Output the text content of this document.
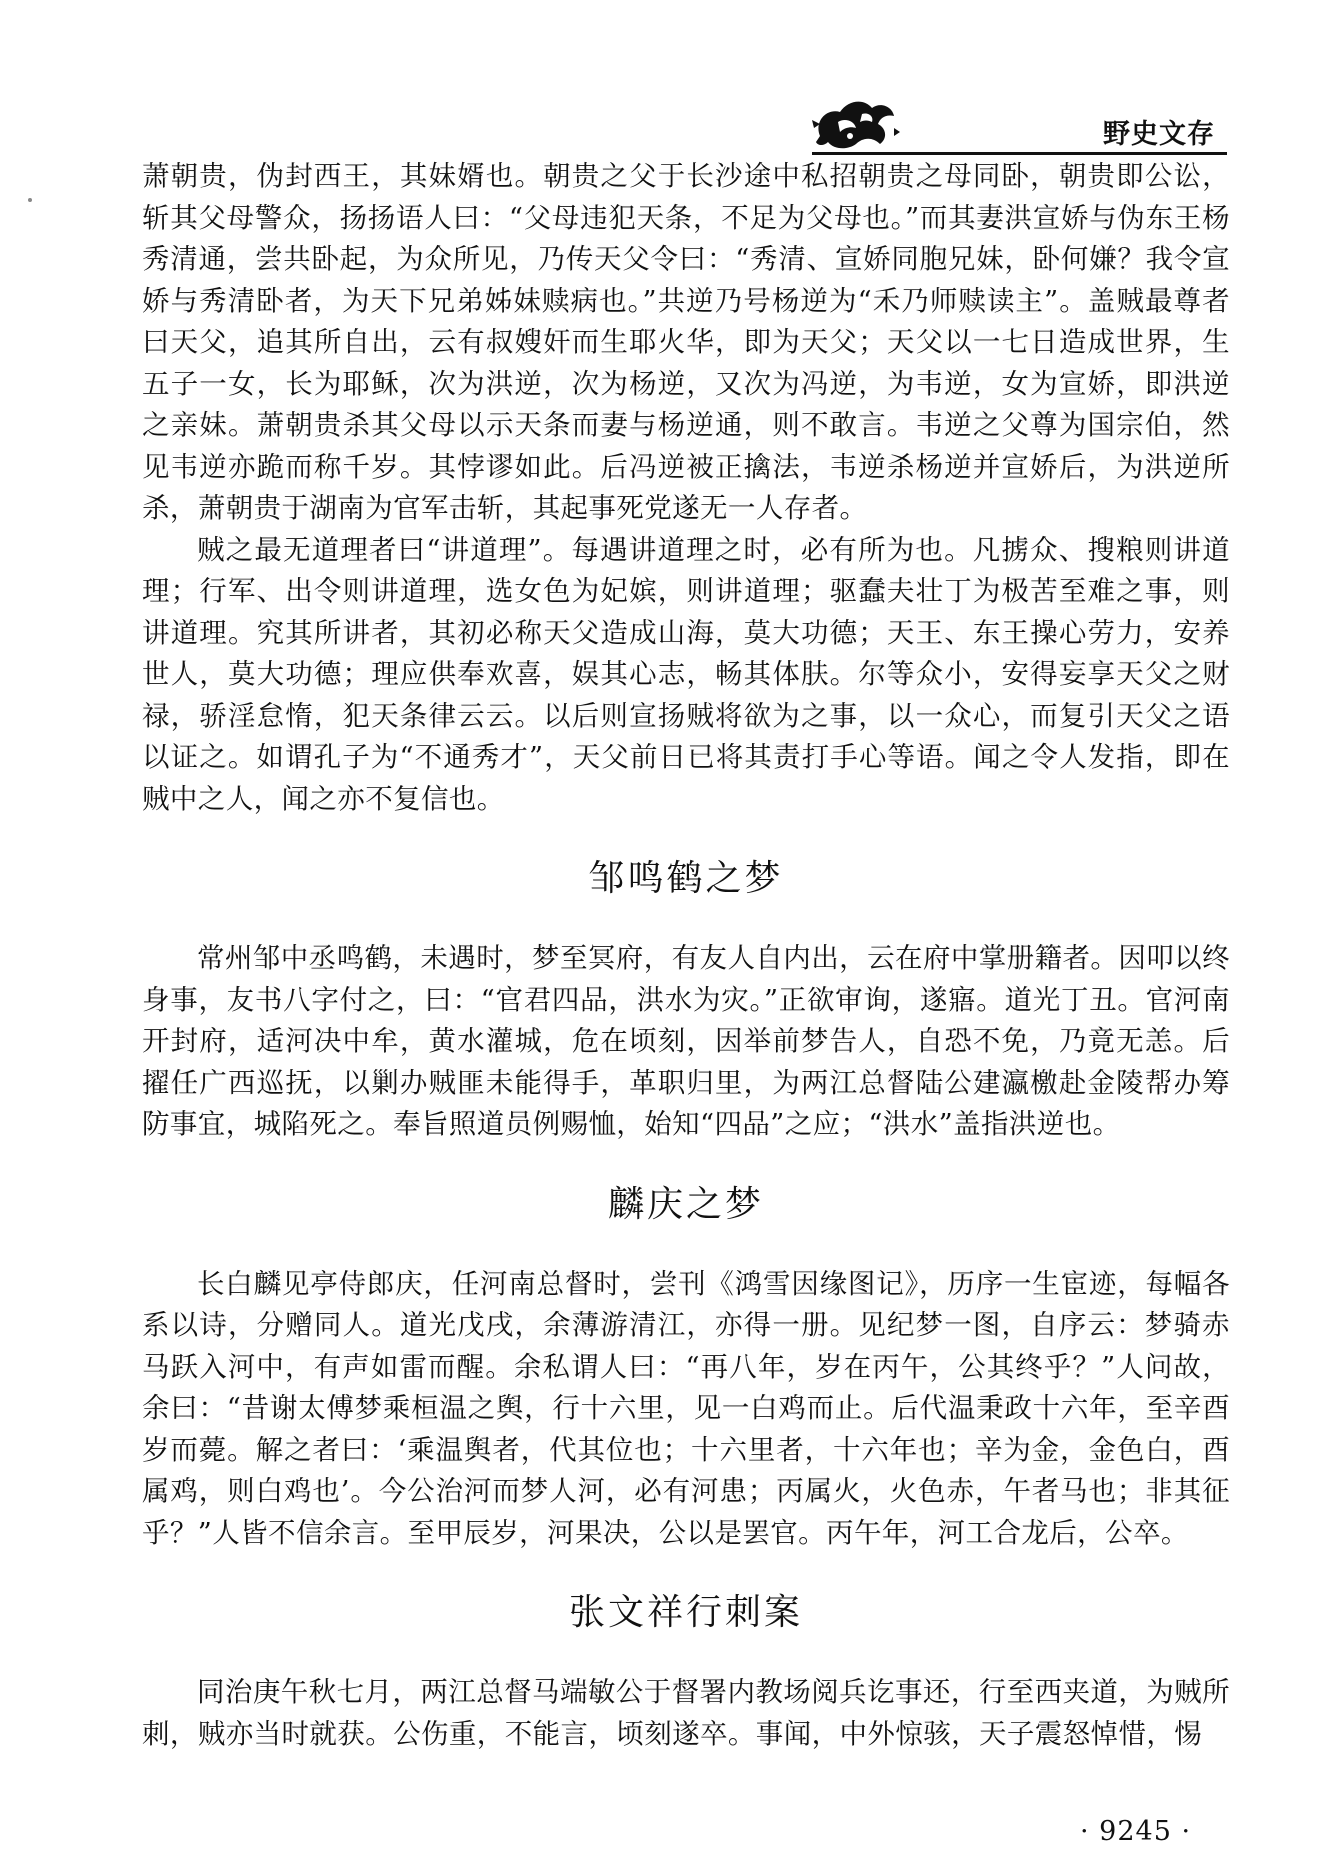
野史文存

萧朝贵，伪封西王，其妹婿也。朝贵之父于长沙途中私招朝贵之母同卧，朝贵即公讼，斩其父母警众，扬扬语人曰：“父母违犯天条，不足为父母也。”而其妻洪宣娇与伪东王杨秀清通，尝共卧起，为众所见，乃传天父令曰：“秀清、宣娇同胞兄妹，卧何嫌？我令宣娇与秀清卧者，为天下兄弟姊妹赎病也。”共逆乃号杨逆为“禾乃师赎读主”。盖贼最尊者曰天父，追其所自出，云有叔嫂奸而生耶火华，即为天父；天父以一七日造成世界，生五子一女，长为耶稣，次为洪逆，次为杨逆，又次为冯逆，为韦逆，女为宣娇，即洪逆之亲妹。萧朝贵杀其父母以示天条而妻与杨逆通，则不敢言。韦逆之父尊为国宗伯，然见韦逆亦跪而称千岁。其悖谬如此。后冯逆被正擒法，韦逆杀杨逆并宣娇后，为洪逆所杀，萧朝贵于湖南为官军击斩，其起事死党遂无一人存者。

贼之最无道理者曰“讲道理”。每遇讲道理之时，必有所为也。凡掳众、搜粮则讲道理；行军、出令则讲道理，选女色为妃嫔，则讲道理；驱蠢夫壮丁为极苦至难之事，则讲道理。究其所讲者，其初必称天父造成山海，莫大功德；天王、东王操心劳力，安养世人，莫大功德；理应供奉欢喜，娱其心志，畅其体肤。尔等众小，安得妄享天父之财禄，骄淫怠惰，犯天条律云云。以后则宣扬贼将欲为之事，以一众心，而复引天父之语以证之。如谓孔子为“不通秀才”，天父前日已将其责打手心等语。闻之令人发指，即在贼中之人，闻之亦不复信也。

邹鸣鹤之梦

常州邹中丞鸣鹤，未遇时，梦至冥府，有友人自内出，云在府中掌册籍者。因叩以终身事，友书八字付之，曰：“官君四品，洪水为灾。”正欲审询，遂寤。道光丁丑。官河南开封府，适河决中牟，黄水灌城，危在顷刻，因举前梦告人，自恐不免，乃竟无恙。后擢任广西巡抚，以剿办贼匪未能得手，革职归里，为两江总督陆公建瀛檄赴金陵帮办筹防事宜，城陷死之。奉旨照道员例赐恤，始知“四品”之应；“洪水”盖指洪逆也。

麟庆之梦

长白麟见亭侍郎庆，任河南总督时，尝刊《鸿雪因缘图记》，历序一生宦迹，每幅各系以诗，分赠同人。道光戊戌，余薄游清江，亦得一册。见纪梦一图，自序云：梦骑赤马跃入河中，有声如雷而醒。余私谓人曰：“再八年，岁在丙午，公其终乎？”人问故，余曰：“昔谢太傅梦乘桓温之舆，行十六里，见一白鸡而止。后代温秉政十六年，至辛酉岁而薨。解之者曰：‘乘温舆者，代其位也；十六里者，十六年也；辛为金，金色白，酉属鸡，则白鸡也’。今公治河而梦人河，必有河患；丙属火，火色赤，午者马也；非其征乎？”人皆不信余言。至甲辰岁，河果决，公以是罢官。丙午年，河工合龙后，公卒。

张文祥行刺案

同治庚午秋七月，两江总督马端敏公于督署内教场阅兵讫事还，行至西夹道，为贼所刺，贼亦当时就获。公伤重，不能言，顷刻遂卒。事闻，中外惊骇，天子震怒悼惜，惕

· 9245 ·
